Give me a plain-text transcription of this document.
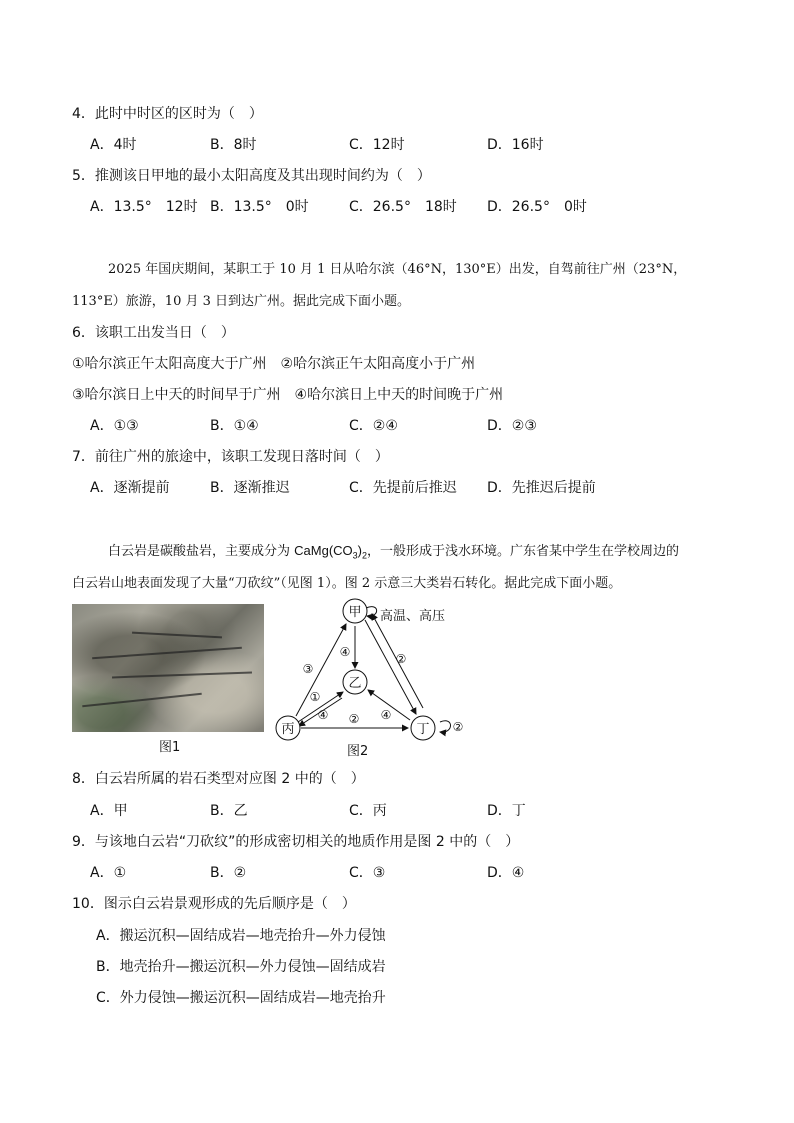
4．此时中时区的区时为（　）
A．4时	B．8时	C．12时	D．16时
5．推测该日甲地的最小太阳高度及其出现时间约为（　）
A．13.5°　12时 B．13.5°　0时	C．26.5°　18时 D．26.5°　0时
2025 年国庆期间，某职工于 10 月 1 日从哈尔滨（46°N，130°E）出发，自驾前往广州（23°N，
113°E）旅游，10 月 3 日到达广州。据此完成下面小题。
6．该职工出发当日（　）
①哈尔滨正午太阳高度大于广州　②哈尔滨正午太阳高度小于广州
③哈尔滨日上中天的时间早于广州　④哈尔滨日上中天的时间晚于广州
A．①③	B．①④	C．②④	D．②③
7．前往广州的旅途中，该职工发现日落时间（　）
A．逐渐提前	B．逐渐推迟	C．先提前后推迟 D．先推迟后提前
白云岩是碳酸盐岩，主要成分为 $CaMg(CO_3)_2$，一般形成于浅水环境。广东省某中学生在学校周边的
白云岩山地表面发现了大量“刀砍纹”（见图 1）。图 2 示意三大类岩石转化。据此完成下面小题。
图1
甲
乙
丙	丁
高温、高压
③
④	②
①
④ ② ④
②
图2
8．白云岩所属的岩石类型对应图 2 中的（　）
A．甲	B．乙	C．丙	D．丁
9．与该地白云岩“刀砍纹”的形成密切相关的地质作用是图 2 中的（　）
A．①	B．②	C．③	D．④
10．图示白云岩景观形成的先后顺序是（　）
A．搬运沉积—固结成岩—地壳抬升—外力侵蚀
B．地壳抬升—搬运沉积—外力侵蚀—固结成岩
C．外力侵蚀—搬运沉积—固结成岩—地壳抬升
